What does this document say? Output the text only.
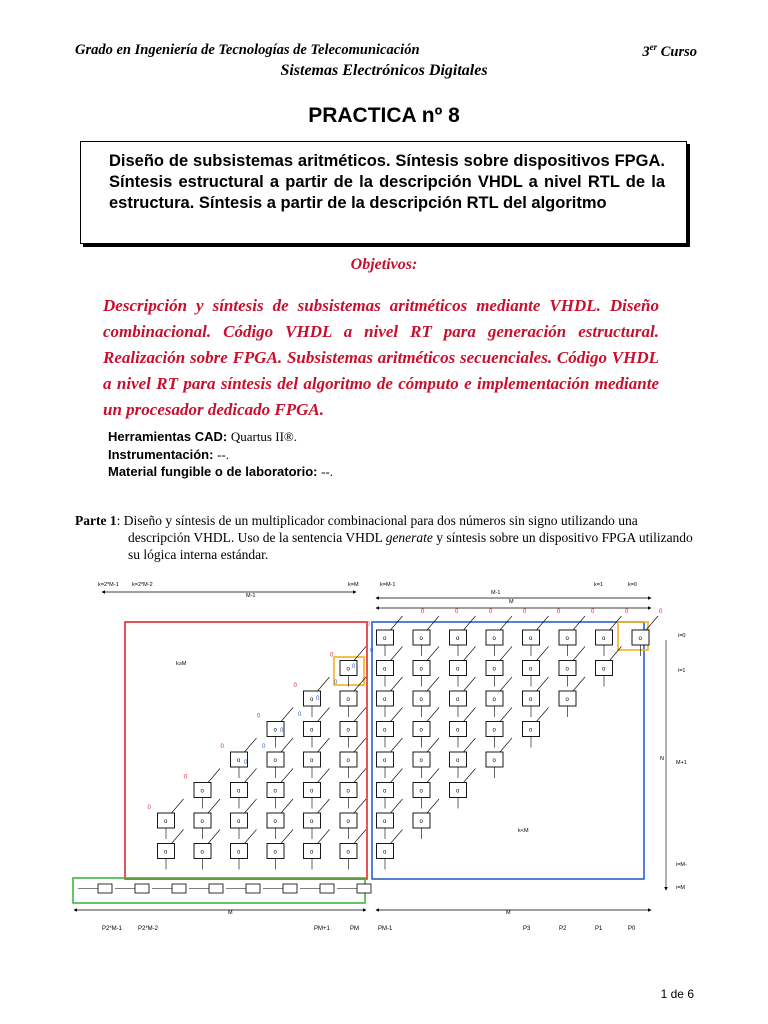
Grado en Ingeniería de Tecnologías de Telecomunicación	3er Curso
Sistemas Electrónicos Digitales
PRACTICA nº 8
Diseño de subsistemas aritméticos. Síntesis sobre dispositivos FPGA. Síntesis estructural a partir de la descripción VHDL a nivel RTL de la estructura. Síntesis a partir de la descripción RTL del algoritmo
Objetivos:
Descripción y síntesis de subsistemas aritméticos mediante VHDL. Diseño combinacional. Código VHDL a nivel RT para generación estructural. Realización sobre FPGA. Subsistemas aritméticos secuenciales. Código VHDL a nivel RT para síntesis del algoritmo de cómputo e implementación mediante un procesador dedicado FPGA.
Herramientas CAD: Quartus II®.
Instrumentación: --.
Material fungible o de laboratorio: --.
Parte 1: Diseño y síntesis de un multiplicador combinacional para dos números sin signo utilizando una descripción VHDL. Uso de la sentencia VHDL generate y síntesis sobre un dispositivo FPGA utilizando su lógica interna estándar.
k=2*M-1 k=2*M-2	k=M	k=M-1	k=1	k=0
M-1	M-1
M
k≥M
k<M
i=0
i=1
N
M+1
i=M-
i=M
M	M
o
o
o
o
o
o
o
o
0
o
o
o
o
o
o
o
o
0
o
o
o
o
o
o
o
o
0
o
o
o
o
o
o
o
o
0
o
o
o
o
o
o
o
o
0
o
o
o
o
o
o
o
o
0
o
o
o
o
o
o
o
o
0
o
o
o
o
o
o
o
0	0	0	0	0	0	0	0
0
0
0
0
0
0
0
0
P2*M-1	P2*M-2	PM+1	PM	PM-1	P3	P2	P1	P0
1 de 6
